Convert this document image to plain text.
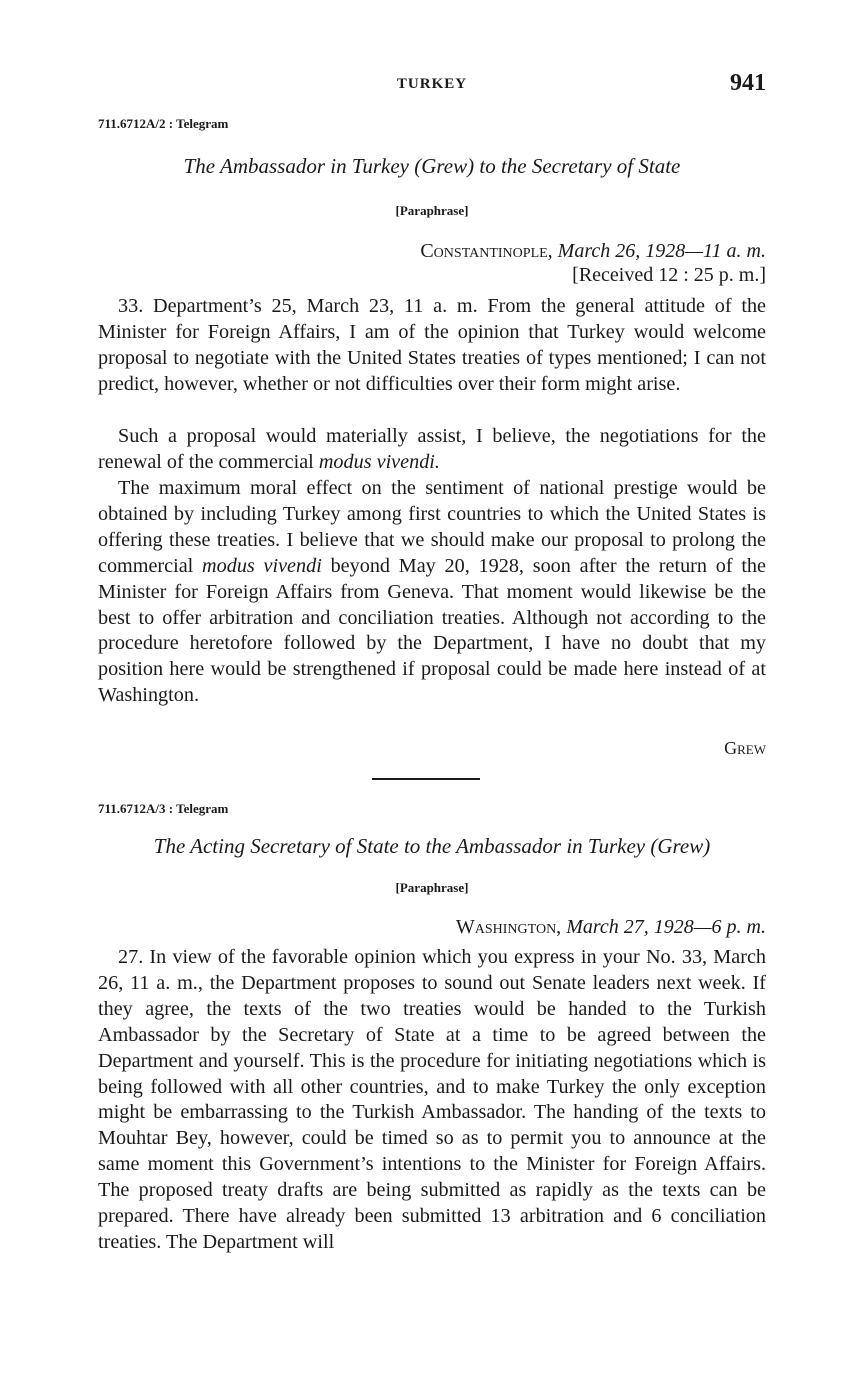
TURKEY	941
711.6712A/2 : Telegram
The Ambassador in Turkey (Grew) to the Secretary of State
[Paraphrase]
Constantinople, March 26, 1928—11 a. m.
[Received 12 : 25 p. m.]

33. Department’s 25, March 23, 11 a. m. From the general attitude of the Minister for Foreign Affairs, I am of the opinion that Turkey would welcome proposal to negotiate with the United States treaties of types mentioned; I can not predict, however, whether or not difficulties over their form might arise.

Such a proposal would materially assist, I believe, the negotiations for the renewal of the commercial modus vivendi.

The maximum moral effect on the sentiment of national prestige would be obtained by including Turkey among first countries to which the United States is offering these treaties. I believe that we should make our proposal to prolong the commercial modus vivendi beyond May 20, 1928, soon after the return of the Minister for Foreign Affairs from Geneva. That moment would likewise be the best to offer arbitration and conciliation treaties. Although not according to the procedure heretofore followed by the Department, I have no doubt that my position here would be strengthened if proposal could be made here instead of at Washington.

Grew
711.6712A/3 : Telegram
The Acting Secretary of State to the Ambassador in Turkey (Grew)
[Paraphrase]
Washington, March 27, 1928—6 p. m.

27. In view of the favorable opinion which you express in your No. 33, March 26, 11 a. m., the Department proposes to sound out Senate leaders next week. If they agree, the texts of the two treaties would be handed to the Turkish Ambassador by the Secretary of State at a time to be agreed between the Department and yourself. This is the procedure for initiating negotiations which is being followed with all other countries, and to make Turkey the only exception might be embarrassing to the Turkish Ambassador. The handing of the texts to Mouhtar Bey, however, could be timed so as to permit you to announce at the same moment this Government’s intentions to the Minister for Foreign Affairs. The proposed treaty drafts are being submitted as rapidly as the texts can be prepared. There have already been submitted 13 arbitration and 6 conciliation treaties. The Department will
